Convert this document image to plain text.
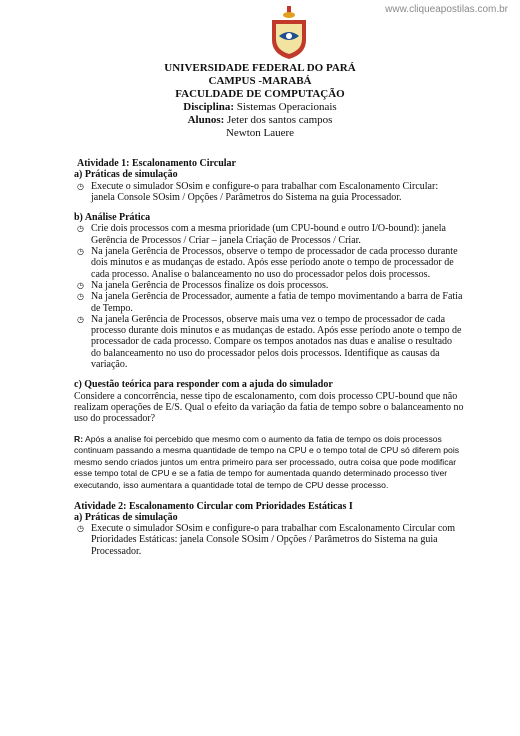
www.cliqueapostilas.com.br
UNIVERSIDADE FEDERAL DO PARÁ
CAMPUS -MARABÁ
FACULDADE DE COMPUTAÇÃO
Disciplina: Sistemas Operacionais
Alunos: Jeter dos santos campos
Newton Lauere
Atividade 1: Escalonamento Circular
a) Práticas de simulação
◷ Execute o simulador SOsim e configure-o para trabalhar com Escalonamento Circular: janela Console SOsim / Opções / Parâmetros do Sistema na guia Processador.
b) Análise Prática
◷ Crie dois processos com a mesma prioridade (um CPU-bound e outro I/O-bound): janela Gerência de Processos / Criar – janela Criação de Processos / Criar.
◷ Na janela Gerência de Processos, observe o tempo de processador de cada processo durante dois minutos e as mudanças de estado. Após esse período anote o tempo de processador de cada processo. Analise o balanceamento no uso do processador pelos dois processos.
◷ Na janela Gerência de Processos finalize os dois processos.
◷ Na janela Gerência de Processador, aumente a fatia de tempo movimentando a barra de Fatia de Tempo.
◷ Na janela Gerência de Processos, observe mais uma vez o tempo de processador de cada processo durante dois minutos e as mudanças de estado. Após esse período anote o tempo de processador de cada processo. Compare os tempos anotados nas duas e analise o resultado do balanceamento no uso do processador pelos dois processos. Identifique as causas da variação.
c) Questão teórica para responder com a ajuda do simulador
Considere a concorrência, nesse tipo de escalonamento, com dois processo CPU-bound que não realizam operações de E/S. Qual o efeito da variação da fatia de tempo sobre o balanceamento no uso do processador?
R: Após a analise foi percebido que mesmo com o aumento da fatia de tempo os dois processos continuam passando a mesma quantidade de tempo na CPU e o tempo total de CPU só diferem pois mesmo sendo criados juntos um entra primeiro para ser processado, outra coisa que pode modificar esse tempo total de CPU e se a fatia de tempo for aumentada quando determinado processo tiver executando, isso aumentara a quantidade total de tempo de CPU desse processo.
Atividade 2: Escalonamento Circular com Prioridades Estáticas I
a) Práticas de simulação
◷ Execute o simulador SOsim e configure-o para trabalhar com Escalonamento Circular com Prioridades Estáticas: janela Console SOsim / Opções / Parâmetros do Sistema na guia Processador.
